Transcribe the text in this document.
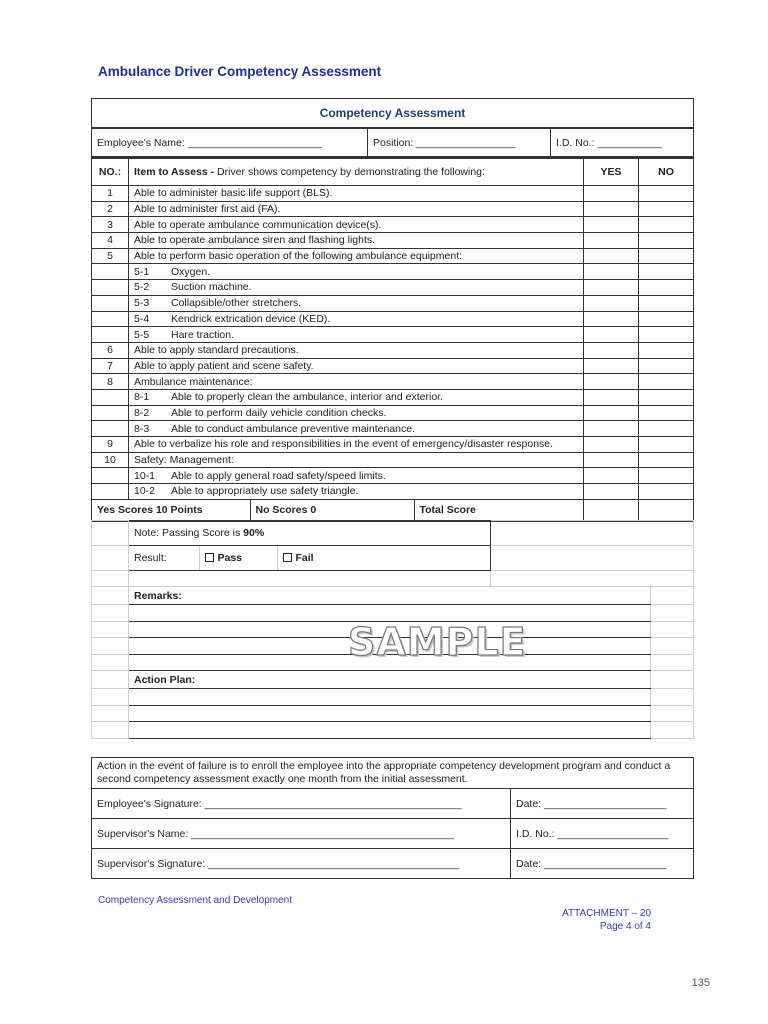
Ambulance Driver Competency Assessment
Competency Assessment
Employee's Name: _______________________	Position: _________________	I.D. No.: ___________
NO.:	Item to Assess - Driver shows competency by demonstrating the following:	YES	NO
1	Able to administer basic life support (BLS).		
2	Able to administer first aid (FA).		
3	Able to operate ambulance communication device(s).		
4	Able to operate ambulance siren and flashing lights.		
5	Able to perform basic operation of the following ambulance equipment:		
	5-1 Oxygen.		
	5-2 Suction machine.		
	5-3 Collapsible/other stretchers.		
	5-4 Kendrick extrication device (KED).		
	5-5 Hare traction.		
6	Able to apply standard precautions.		
7	Able to apply patient and scene safety.		
8	Ambulance maintenance:		
	8-1 Able to properly clean the ambulance, interior and exterior.		
	8-2 Able to perform daily vehicle condition checks.		
	8-3 Able to conduct ambulance preventive maintenance.		
9	Able to verbalize his role and responsibilities in the event of emergency/disaster response.		
10	Safety: Management:		
	10-1 Able to apply general road safety/speed limits.		
	10-2 Able to appropriately use safety triangle.		

Yes Scores 10 Points	No Scores 0	Total Score

	Note: Passing Score is 90%	

Result:	Pass	Fail

	Remarks:	

	Action Plan:	

SAMPLE
Action in the event of failure is to enroll the employee into the appropriate competency development program and conduct a second competency assessment exactly one month from the initial assessment.	
Employee's Signature: ____________________________________________	Date: _____________________
Supervisor's Name: _____________________________________________	I.D. No.: ___________________
Supervisor's Signature: ___________________________________________	Date: _____________________
Competency Assessment and Development
ATTACHMENT – 20
Page 4 of 4
135
